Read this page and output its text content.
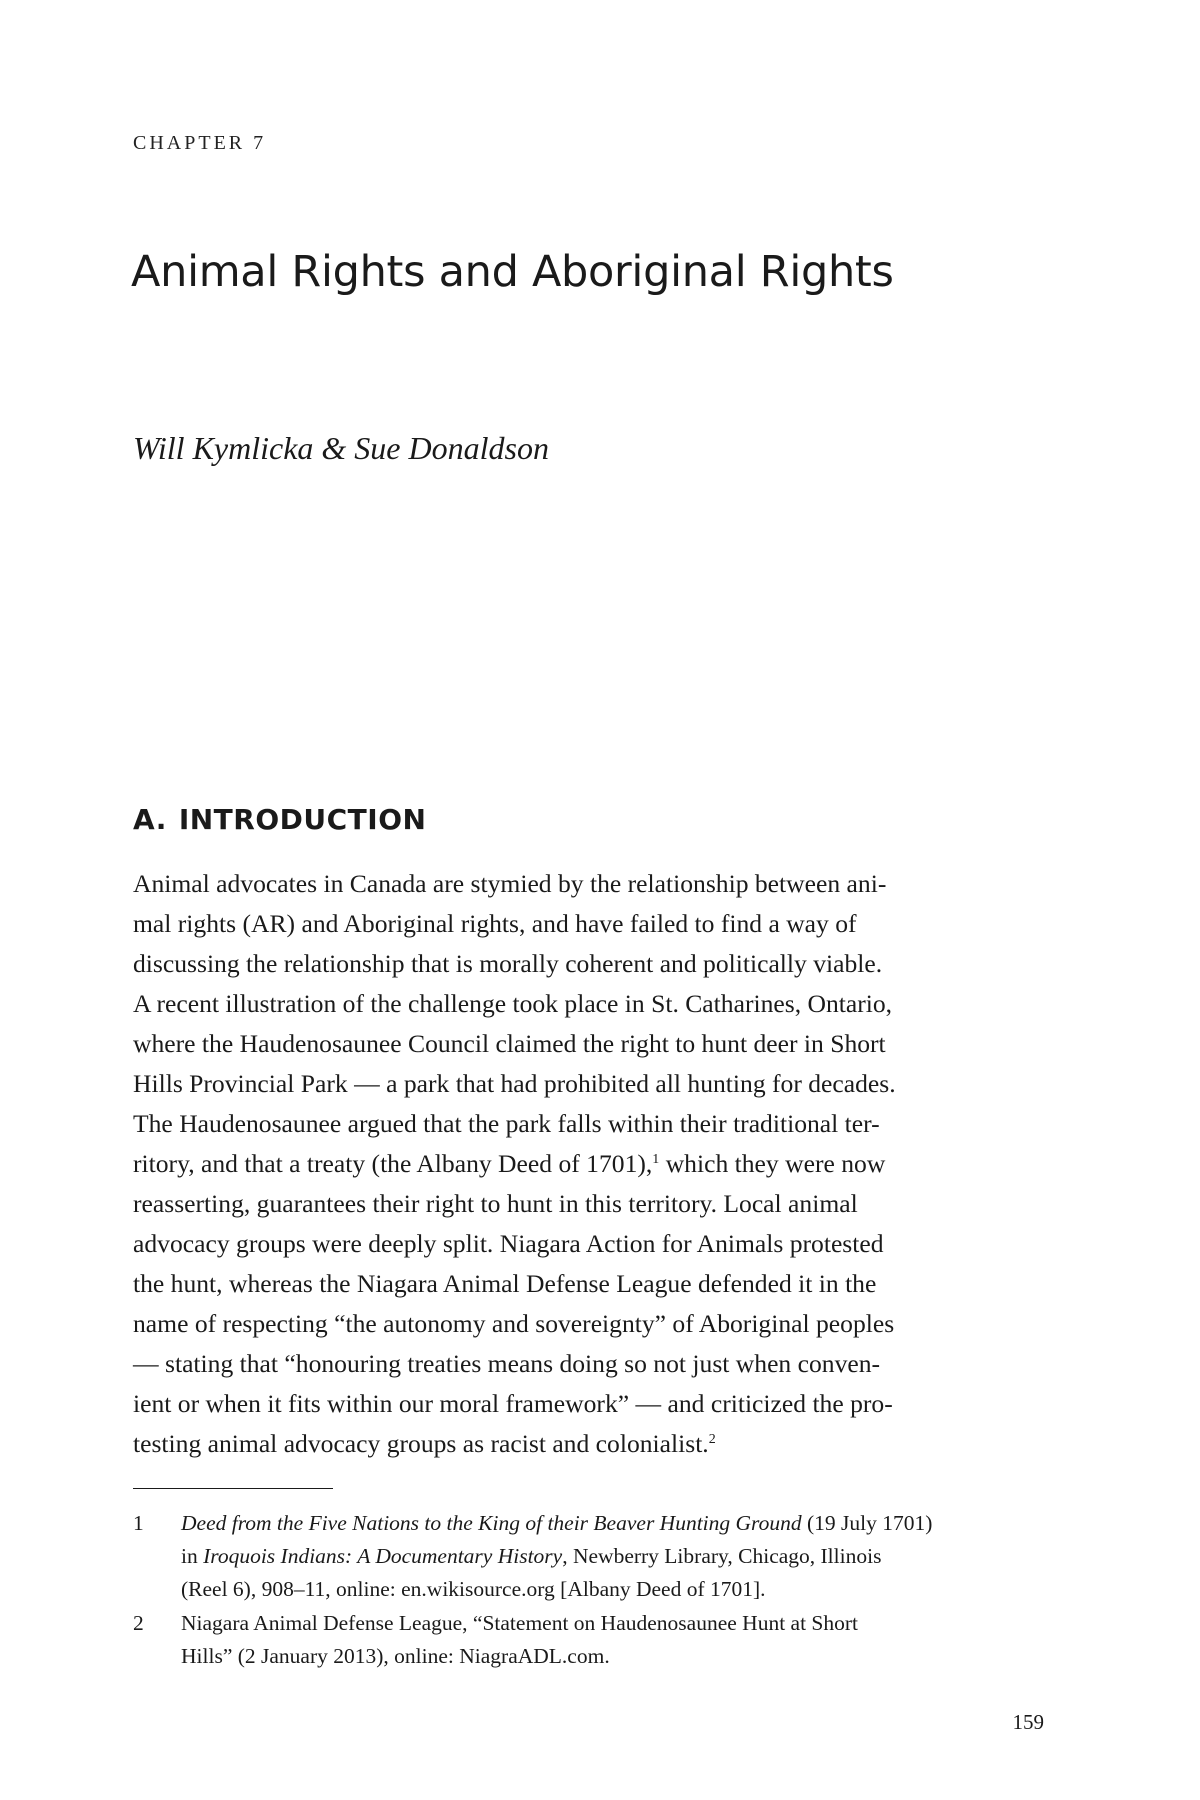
CHAPTER 7
Animal Rights and Aboriginal Rights
Will Kymlicka & Sue Donaldson
A. INTRODUCTION
Animal advocates in Canada are stymied by the relationship between ani-
mal rights (AR) and Aboriginal rights, and have failed to find a way of
discussing the relationship that is morally coherent and politically viable.
A recent illustration of the challenge took place in St. Catharines, Ontario,
where the Haudenosaunee Council claimed the right to hunt deer in Short
Hills Provincial Park — a park that had prohibited all hunting for decades.
The Haudenosaunee argued that the park falls within their traditional ter-
ritory, and that a treaty (the Albany Deed of 1701),$^1$ which they were now
reasserting, guarantees their right to hunt in this territory. Local animal
advocacy groups were deeply split. Niagara Action for Animals protested
the hunt, whereas the Niagara Animal Defense League defended it in the
name of respecting “the autonomy and sovereignty” of Aboriginal peoples
— stating that “honouring treaties means doing so not just when conven-
ient or when it fits within our moral framework” — and criticized the pro-
testing animal advocacy groups as racist and colonialist.$^2$
1 Deed from the Five Nations to the King of their Beaver Hunting Ground (19 July 1701)
in Iroquois Indians: A Documentary History, Newberry Library, Chicago, Illinois
(Reel 6), 908–11, online: en.wikisource.org [Albany Deed of 1701].
2 Niagara Animal Defense League, “Statement on Haudenosaunee Hunt at Short
Hills” (2 January 2013), online: NiagraADL.com.
159
